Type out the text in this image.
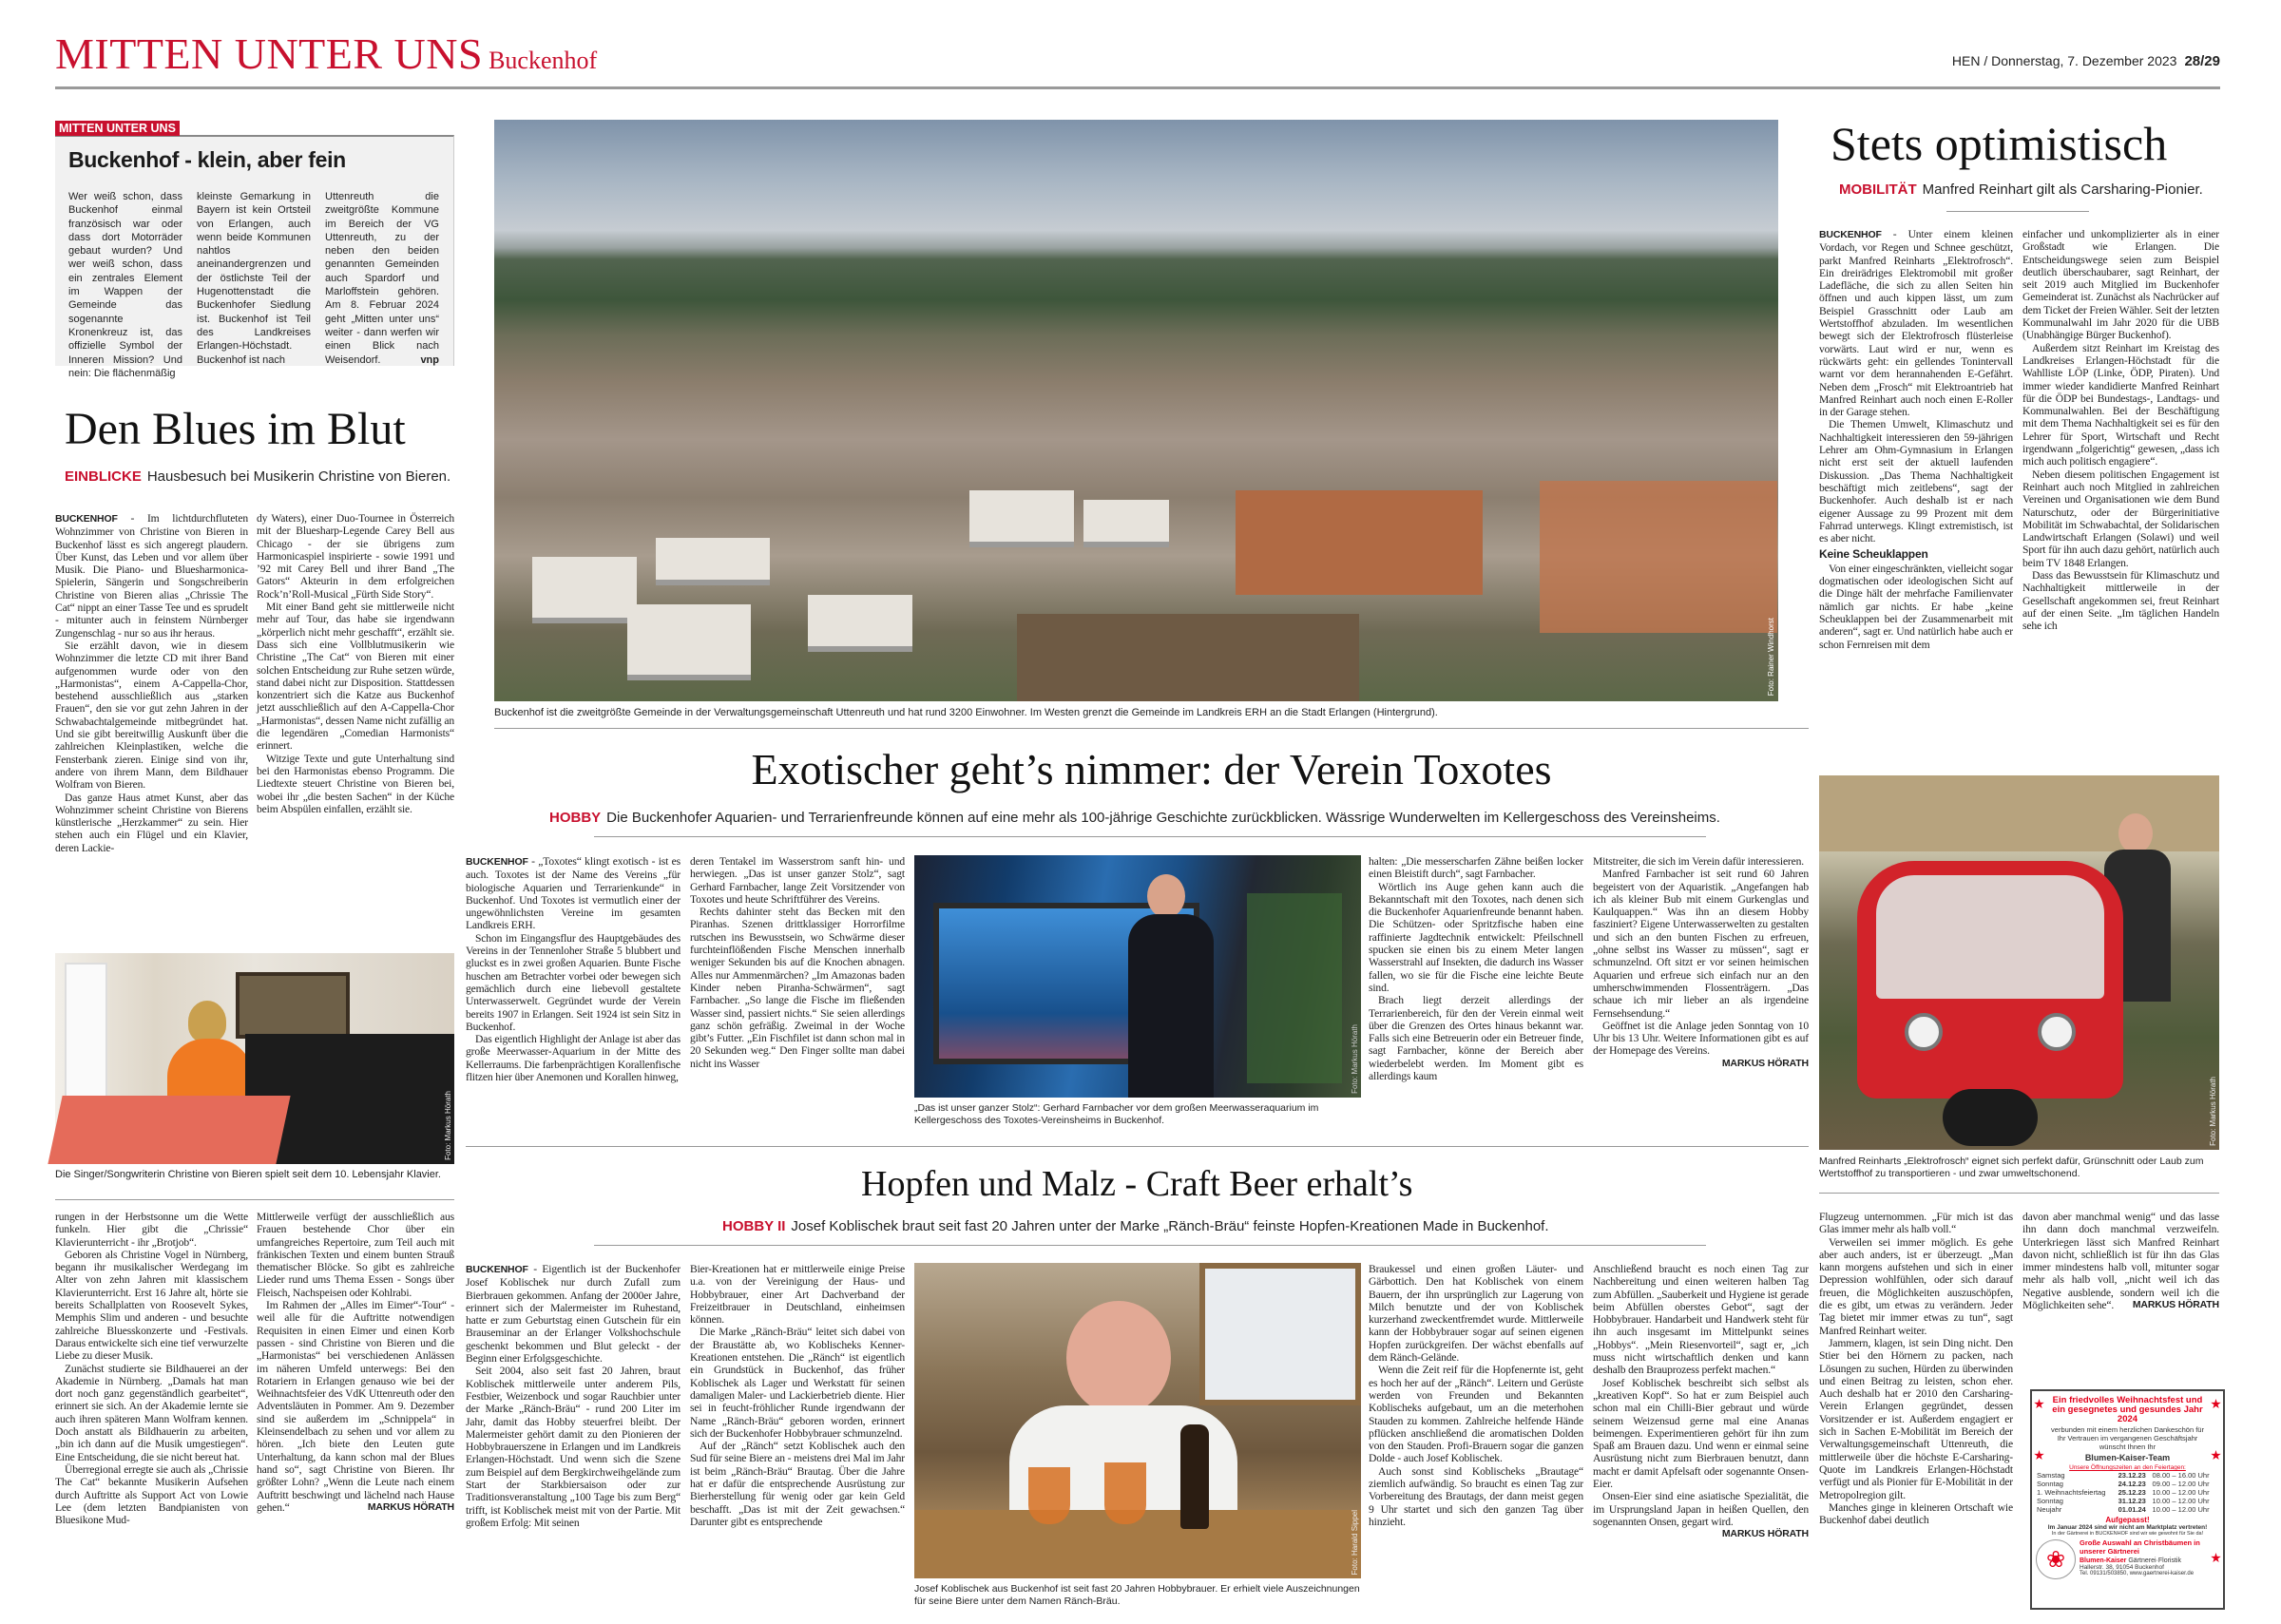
MITTEN UNTER UNS Buckenhof	HEN / Donnerstag, 7. Dezember 2023 28/29
MITTEN UNTER UNS
Buckenhof - klein, aber fein

Wer weiß schon, dass Buckenhof einmal französisch war oder dass dort Motorräder gebaut wurden? Und wer weiß schon, dass ein zentrales Element im Wappen der Gemeinde das sogenannte Kronenkreuz ist, das offizielle Symbol der Inneren Mission? Und nein: Die flächenmäßig

kleinste Gemarkung in Bayern ist kein Ortsteil von Erlangen, auch wenn beide Kommunen nahtlos aneinandergrenzen und der östlichste Teil der Hugenottenstadt die Buckenhofer Siedlung ist. Buckenhof ist Teil des Landkreises Erlangen-Höchstadt. Buckenhof ist nach

Uttenreuth die zweitgrößte Kommune im Bereich der VG Uttenreuth, zu der neben den beiden genannten Gemeinden auch Spardorf und Marloffstein gehören. Am 8. Februar 2024 geht „Mitten unter uns“ weiter - dann werfen wir einen Blick nach Weisendorf.	vnp

Den Blues im Blut
EINBLICKE Hausbesuch bei Musikerin Christine von Bieren.

BUCKENHOF - Im lichtdurchfluteten Wohnzimmer von Christine von Bieren in Buckenhof lässt es sich angeregt plaudern. Über Kunst, das Leben und vor allem über Musik. Die Piano- und Bluesharmonica-Spielerin, Sängerin und Songschreiberin Christine von Bieren alias „Chrissie The Cat“ nippt an einer Tasse Tee und es sprudelt - mitunter auch in feinstem Nürnberger Zungenschlag - nur so aus ihr heraus.

Sie erzählt davon, wie in diesem Wohnzimmer die letzte CD mit ihrer Band aufgenommen wurde oder von den „Harmonistas“, einem A-Cappella-Chor, bestehend ausschließlich aus „starken Frauen“, den sie vor gut zehn Jahren in der Schwabachtalgemeinde mitbegründet hat. Und sie gibt bereitwillig Auskunft über die zahlreichen Kleinplastiken, welche die Fensterbank zieren. Einige sind von ihr, andere von ihrem Mann, dem Bildhauer Wolfram von Bieren.

Das ganze Haus atmet Kunst, aber das Wohnzimmer scheint Christine von Bierens künstlerische „Herzkammer“ zu sein. Hier stehen auch ein Flügel und ein Klavier, deren Lackie-

dy Waters), einer Duo-Tournee in Österreich mit der Bluesharp-Legende Carey Bell aus Chicago - der sie übrigens zum Harmonicaspiel inspirierte - sowie 1991 und ’92 mit Carey Bell und ihrer Band „The Gators“ Akteurin in dem erfolgreichen Rock’n’Roll-Musical „Fürth Side Story“.

Mit einer Band geht sie mittlerweile nicht mehr auf Tour, das habe sie irgendwann „körperlich nicht mehr geschafft“, erzählt sie. Dass sich eine Vollblutmusikerin wie Christine „The Cat“ von Bieren mit einer solchen Entscheidung zur Ruhe setzen würde, stand dabei nicht zur Disposition. Stattdessen konzentriert sich die Katze aus Buckenhof jetzt ausschließlich auf den A-Cappella-Chor „Harmonistas“, dessen Name nicht zufällig an die legendären „Comedian Harmonists“ erinnert.

Witzige Texte und gute Unterhaltung sind bei den Harmonistas ebenso Programm. Die Liedtexte steuert Christine von Bieren bei, wobei ihr „die besten Sachen“ in der Küche beim Abspülen einfallen, erzählt sie.

Foto: Markus Hörath
Die Singer/Songwriterin Christine von Bieren spielt seit dem 10. Lebensjahr Klavier.

rungen in der Herbstsonne um die Wette funkeln. Hier gibt die „Chrissie“ Klavierunterricht - ihr „Brotjob“.

Geboren als Christine Vogel in Nürnberg, begann ihr musikalischer Werdegang im Alter von zehn Jahren mit klassischem Klavierunterricht. Erst 16 Jahre alt, hörte sie bereits Schallplatten von Roosevelt Sykes, Memphis Slim und anderen - und besuchte zahlreiche Bluesskonzerte und -Festivals. Daraus entwickelte sich eine tief verwurzelte Liebe zu dieser Musik.

Zunächst studierte sie Bildhauerei an der Akademie in Nürnberg. „Damals hat man dort noch ganz gegenständlich gearbeitet“, erinnert sie sich. An der Akademie lernte sie auch ihren späteren Mann Wolfram kennen. Doch anstatt als Bildhauerin zu arbeiten, „bin ich dann auf die Musik umgestiegen“. Eine Entscheidung, die sie nicht bereut hat.

Überregional erregte sie auch als „Chrissie The Cat“ bekannte Musikerin Aufsehen durch Auftritte als Support Act von Lowie Lee (dem letzten Bandpianisten von Bluesikone Mud-

Mittlerweile verfügt der ausschließlich aus Frauen bestehende Chor über ein umfangreiches Repertoire, zum Teil auch mit fränkischen Texten und einem bunten Strauß thematischer Blöcke. So gibt es zahlreiche Lieder rund ums Thema Essen - Songs über Fleisch, Nachspeisen oder Kohlrabi.

Im Rahmen der „Alles im Eimer“-Tour“ - weil alle für die Auftritte notwendigen Requisiten in einen Eimer und einen Korb passen - sind Christine von Bieren und die „Harmonistas“ bei verschiedenen Anlässen im näheren Umfeld unterwegs: Bei den Rotariern in Erlangen genauso wie bei der Weihnachtsfeier des VdK Uttenreuth oder den Adventsläuten in Pommer. Am 9. Dezember sind sie außerdem im „Schnippela“ in Kleinsendelbach zu sehen und vor allem zu hören. „Ich biete den Leuten gute Unterhaltung, da kann schon mal der Blues hand so“, sagt Christine von Bieren. Ihr größter Lohn? „Wenn die Leute nach einem Auftritt beschwingt und lächelnd nach Hause gehen.“	MARKUS HÖRATH

Foto: Rainer Windhorst
Buckenhof ist die zweitgrößte Gemeinde in der Verwaltungsgemeinschaft Uttenreuth und hat rund 3200 Einwohner. Im Westen grenzt die Gemeinde im Landkreis ERH an die Stadt Erlangen (Hintergrund).
Exotischer geht’s nimmer: der Verein Toxotes
HOBBY Die Buckenhofer Aquarien- und Terrarienfreunde können auf eine mehr als 100-jährige Geschichte zurückblicken. Wässrige Wunderwelten im Kellergeschoss des Vereinsheims.

BUCKENHOF - „Toxotes“ klingt exotisch - ist es auch. Toxotes ist der Name des Vereins „für biologische Aquarien und Terrarienkunde“ in Buckenhof. Und Toxotes ist vermutlich einer der ungewöhnlichsten Vereine im gesamten Landkreis ERH.

Schon im Eingangsflur des Hauptgebäudes des Vereins in der Tennenloher Straße 5 blubbert und gluckst es in zwei großen Aquarien. Bunte Fische huschen am Betrachter vorbei oder bewegen sich gemächlich durch eine liebevoll gestaltete Unterwasserwelt. Gegründet wurde der Verein bereits 1907 in Erlangen. Seit 1924 ist sein Sitz in Buckenhof.

Das eigentlich Highlight der Anlage ist aber das große Meerwasser-Aquarium in der Mitte des Kellerraums. Die farbenprächtigen Korallenfische flitzen hier über Anemonen und Korallen hinweg,

deren Tentakel im Wasserstrom sanft hin- und herwiegen. „Das ist unser ganzer Stolz“, sagt Gerhard Farnbacher, lange Zeit Vorsitzender von Toxotes und heute Schriftführer des Vereins.

Rechts dahinter steht das Becken mit den Piranhas. Szenen drittklassiger Horrorfilme rutschen ins Bewusstsein, wo Schwärme dieser furchteinflößenden Fische Menschen innerhalb weniger Sekunden bis auf die Knochen abnagen. Alles nur Ammenmärchen? „Im Amazonas baden Kinder neben Piranha-Schwärmen“, sagt Farnbacher. „So lange die Fische im fließenden Wasser sind, passiert nichts.“ Sie seien allerdings ganz schön gefräßig. Zweimal in der Woche gibt’s Futter. „Ein Fischfilet ist dann schon mal in 20 Sekunden weg.“ Den Finger sollte man dabei nicht ins Wasser	Foto: Markus Hörath
„Das ist unser ganzer Stolz“: Gerhard Farnbacher vor dem großen Meerwasseraquarium im Kellergeschoss des Toxotes-Vereinsheims in Buckenhof.

halten: „Die messerscharfen Zähne beißen locker einen Bleistift durch“, sagt Farnbacher.

Wörtlich ins Auge gehen kann auch die Bekanntschaft mit den Toxotes, nach denen sich die Buckenhofer Aquarienfreunde benannt haben. Die Schützen- oder Spritzfische haben eine raffinierte Jagdtechnik entwickelt: Pfeilschnell spucken sie einen bis zu einem Meter langen Wasserstrahl auf Insekten, die dadurch ins Wasser fallen, wo sie für die Fische eine leichte Beute sind.

Brach liegt derzeit allerdings der Terrarienbereich, für den der Verein einmal weit über die Grenzen des Ortes hinaus bekannt war. Falls sich eine Betreuerin oder ein Betreuer finde, sagt Farnbacher, könne der Bereich aber wiederbelebt werden. Im Moment gibt es allerdings kaum

Mitstreiter, die sich im Verein dafür interessieren.

Manfred Farnbacher ist seit rund 60 Jahren begeistert von der Aquaristik. „Angefangen hab ich als kleiner Bub mit einem Gurkenglas und Kaulquappen.“ Was ihn an diesem Hobby fasziniert? Eigene Unterwasserwelten zu gestalten und sich an den bunten Fischen zu erfreuen, „ohne selbst ins Wasser zu müssen“, sagt er schmunzelnd. Oft sitzt er vor seinen heimischen Aquarien und erfreue sich einfach nur an den umherschwimmenden Flossenträgern. „Das schaue ich mir lieber an als irgendeine Fernsehsendung.“

Geöffnet ist die Anlage jeden Sonntag von 10 Uhr bis 13 Uhr. Weitere Informationen gibt es auf der Homepage des Vereins.
MARKUS HÖRATH

Hopfen und Malz - Craft Beer erhalt’s
HOBBY II Josef Koblischek braut seit fast 20 Jahren unter der Marke „Ränch-Bräu“ feinste Hopfen-Kreationen Made in Buckenhof.

BUCKENHOF - Eigentlich ist der Buckenhofer Josef Koblischek nur durch Zufall zum Bierbrauen gekommen. Anfang der 2000er Jahre, erinnert sich der Malermeister im Ruhestand, hatte er zum Geburtstag einen Gutschein für ein Brauseminar an der Erlanger Volkshochschule geschenkt bekommen und Blut geleckt - der Beginn einer Erfolgsgeschichte.

Seit 2004, also seit fast 20 Jahren, braut Koblischek mittlerweile unter anderem Pils, Festbier, Weizenbock und sogar Rauchbier unter der Marke „Ränch-Bräu“ - rund 200 Liter im Jahr, damit das Hobby steuerfrei bleibt. Der Malermeister gehört damit zu den Pionieren der Hobbybrauerszene in Erlangen und im Landkreis Erlangen-Höchstadt. Und wenn sich die Szene zum Beispiel auf dem Bergkirchweihgelände zum Start der Starkbiersaison oder zur Traditionsveranstaltung „100 Tage bis zum Berg“ trifft, ist Koblischek meist mit von der Partie. Mit großem Erfolg: Mit seinen

Bier-Kreationen hat er mittlerweile einige Preise u.a. von der Vereinigung der Haus- und Hobbybrauer, einer Art Dachverband der Freizeitbrauer in Deutschland, einheimsen können.

Die Marke „Ränch-Bräu“ leitet sich dabei von der Braustätte ab, wo Koblischeks Kenner-Kreationen entstehen. Die „Ränch“ ist eigentlich ein Grundstück in Buckenhof, das früher Koblischek als Lager und Werkstatt für seinen damaligen Maler- und Lackierbetrieb diente. Hier sei in feucht-fröhlicher Runde irgendwann der Name „Ränch-Bräu“ geboren worden, erinnert sich der Buckenhofer Hobbybrauer schmunzelnd.

Auf der „Ränch“ setzt Koblischek auch den Sud für seine Biere an - meistens drei Mal im Jahr ist beim „Ränch-Bräu“ Brautag. Über die Jahre hat er dafür die entsprechende Ausrüstung zur Bierherstellung für wenig oder gar kein Geld beschafft. „Das ist mit der Zeit gewachsen.“ Darunter gibt es entsprechende	Foto: Harald Sippel
Josef Koblischek aus Buckenhof ist seit fast 20 Jahren Hobbybrauer. Er erhielt viele Auszeichnungen für seine Biere unter dem Namen Ränch-Bräu.

Braukessel und einen großen Läuter- und Gärbottich. Den hat Koblischek von einem Bauern, der ihn ursprünglich zur Lagerung von Milch benutzte und der von Koblischek kurzerhand zweckentfremdet wurde. Mittlerweile kann der Hobbybrauer sogar auf seinen eigenen Hopfen zurückgreifen. Der wächst ebenfalls auf dem Ränch-Gelände.

Wenn die Zeit reif für die Hopfenernte ist, geht es hoch her auf der „Ränch“. Leitern und Gerüste werden von Freunden und Bekannten Koblischeks aufgebaut, um an die meterhohen Stauden zu kommen. Zahlreiche helfende Hände pflücken anschließend die aromatischen Dolden von den Stauden. Profi-Brauern sogar die ganzen Dolde - auch Josef Koblischek.

Auch sonst sind Koblischeks „Brautage“ ziemlich aufwändig. So braucht es einen Tag zur Vorbereitung des Brautags, der dann meist gegen 9 Uhr startet und sich den ganzen Tag über hinzieht.

Anschließend braucht es noch einen Tag zur Nachbereitung und einen weiteren halben Tag zum Abfüllen. „Sauberkeit und Hygiene ist gerade beim Abfüllen oberstes Gebot“, sagt der Hobbybrauer. Handarbeit und Handwerk steht für ihn auch insgesamt im Mittelpunkt seines „Hobbys“. „Mein Riesenvorteil“, sagt er, „ich muss nicht wirtschaftlich denken und kann deshalb den Brauprozess perfekt machen.“

Josef Koblischek beschreibt sich selbst als „kreativen Kopf“. So hat er zum Beispiel auch schon mal ein Chilli-Bier gebraut und würde seinem Weizensud gerne mal eine Ananas beimengen. Experimentieren gehört für ihn zum Spaß am Brauen dazu. Und wenn er einmal seine Ausrüstung nicht zum Bierbrauen benutzt, dann macht er damit Apfelsaft oder sogenannte Onsen-Eier.

Onsen-Eier sind eine asiatische Spezialität, die im Ursprungsland Japan in heißen Quellen, den sogenannten Onsen, gegart wird.
MARKUS HÖRATH

Stets optimistisch
MOBILITÄT Manfred Reinhart gilt als Carsharing-Pionier.

BUCKENHOF - Unter einem kleinen Vordach, vor Regen und Schnee geschützt, parkt Manfred Reinharts „Elektrofrosch“. Ein dreirädriges Elektromobil mit großer Ladefläche, die sich zu allen Seiten hin öffnen und auch kippen lässt, um zum Beispiel Grasschnitt oder Laub am Wertstoffhof abzuladen. Im wesentlichen bewegt sich der Elektrofrosch flüsterleise vorwärts. Laut wird er nur, wenn es rückwärts geht: ein gellendes Tonintervall warnt vor dem herannahenden E-Gefährt. Neben dem „Frosch“ mit Elektroantrieb hat Manfred Reinhart auch noch einen E-Roller in der Garage stehen.

Die Themen Umwelt, Klimaschutz und Nachhaltigkeit interessieren den 59-jährigen Lehrer am Ohm-Gymnasium in Erlangen nicht erst seit der aktuell laufenden Diskussion. „Das Thema Nachhaltigkeit beschäftigt mich zeitlebens“, sagt der Buckenhofer. Auch deshalb ist er nach eigener Aussage zu 99 Prozent mit dem Fahrrad unterwegs. Klingt extremistisch, ist es aber nicht.

Keine Scheuklappen

Von einer eingeschränkten, vielleicht sogar dogmatischen oder ideologischen Sicht auf die Dinge hält der mehrfache Familienvater nämlich gar nichts. Er habe „keine Scheuklappen bei der Zusammenarbeit mit anderen“, sagt er. Und natürlich habe auch er schon Fernreisen mit dem

einfacher und unkomplizierter als in einer Großstadt wie Erlangen. Die Entscheidungswege seien zum Beispiel deutlich überschaubarer, sagt Reinhart, der seit 2019 auch Mitglied im Buckenhofer Gemeinderat ist. Zunächst als Nachrücker auf dem Ticket der Freien Wähler. Seit der letzten Kommunalwahl im Jahr 2020 für die UBB (Unabhängige Bürger Buckenhof).

Außerdem sitzt Reinhart im Kreistag des Landkreises Erlangen-Höchstadt für die Wahlliste LÖP (Linke, ÖDP, Piraten). Und immer wieder kandidierte Manfred Reinhart für die ÖDP bei Bundestags-, Landtags- und Kommunalwahlen. Bei der Beschäftigung mit dem Thema Nachhaltigkeit sei es für den Lehrer für Sport, Wirtschaft und Recht irgendwann „folgerichtig“ gewesen, „dass ich mich auch politisch engagiere“.

Neben diesem politischen Engagement ist Reinhart auch noch Mitglied in zahlreichen Vereinen und Organisationen wie dem Bund Naturschutz, oder der Bürgerinitiative Mobilität im Schwabachtal, der Solidarischen Landwirtschaft Erlangen (Solawi) und weil Sport für ihn auch dazu gehört, natürlich auch beim TV 1848 Erlangen.

Dass das Bewusstsein für Klimaschutz und Nachhaltigkeit mittlerweile in der Gesellschaft angekommen sei, freut Reinhart auf der einen Seite. „Im täglichen Handeln sehe ich

Foto: Markus Hörath
Manfred Reinharts „Elektrofrosch“ eignet sich perfekt dafür, Grünschnitt oder Laub zum Wertstoffhof zu transportieren - und zwar umweltschonend.

Flugzeug unternommen. „Für mich ist das Glas immer mehr als halb voll.“

Verweilen sei immer möglich. Es gehe aber auch anders, ist er überzeugt. „Man kann morgens aufstehen und sich in einer Depression wohlfühlen, oder sich darauf freuen, die Möglichkeiten auszuschöpfen, die es gibt, um etwas zu verändern. Jeder Tag bietet mir immer etwas zu tun“, sagt Manfred Reinhart weiter.

Jammern, klagen, ist sein Ding nicht. Den Stier bei den Hörnern zu packen, nach Lösungen zu suchen, Hürden zu überwinden und einen Beitrag zu leisten, schon eher. Auch deshalb hat er 2010 den Carsharing-Verein Erlangen gegründet, dessen Vorsitzender er ist. Außerdem engagiert er sich in Sachen E-Mobilität im Bereich der Verwaltungsgemeinschaft Uttenreuth, die mittlerweile über die höchste E-Carsharing-Quote im Landkreis Erlangen-Höchstadt verfügt und als Pionier für E-Mobilität in der Metropolregion gilt.

Manches ginge in kleineren Ortschaft wie Buckenhof dabei deutlich

davon aber manchmal wenig“ und das lasse ihn dann doch manchmal verzweifeln. Unterkriegen lässt sich Manfred Reinhart davon nicht, schließlich ist für ihn das Glas immer mindestens halb voll, mitunter sogar mehr als halb voll, „nicht weil ich das Negative ausblende, sondern weil ich die Möglichkeiten sehe“. MARKUS HÖRATH

Ein friedvolles Weihnachtsfest und ein gesegnetes und gesundes Jahr 2024
verbunden mit einem herzlichen Dankeschön für Ihr Vertrauen im vergangenen Geschäftsjahr wünscht Ihnen Ihr
Blumen-Kaiser-Team
Unsere Öffnungszeiten an den Feiertagen:
Samstag	23.12.23	08.00 – 16.00 Uhr
Sonntag	24.12.23	09.00 – 12.00 Uhr
1. Weihnachtsfeiertag	25.12.23	10.00 – 12.00 Uhr
Sonntag	31.12.23	10.00 – 12.00 Uhr
Neujahr	01.01.24	10.00 – 12.00 Uhr
Aufgepasst!
Im Januar 2024 sind wir nicht am Marktplatz vertreten!
In der Gärtnerei in BUCKENHOF sind wir wie gewohnt für Sie da!
❀
Große Auswahl an Christbäumen in unserer Gärtnerei
Blumen-Kaiser Gärtnerei·Floristik
Hallerstr. 38, 91054 Buckenhof
Tel. 09131/503850, www.gaertnerei-kaiser.de
